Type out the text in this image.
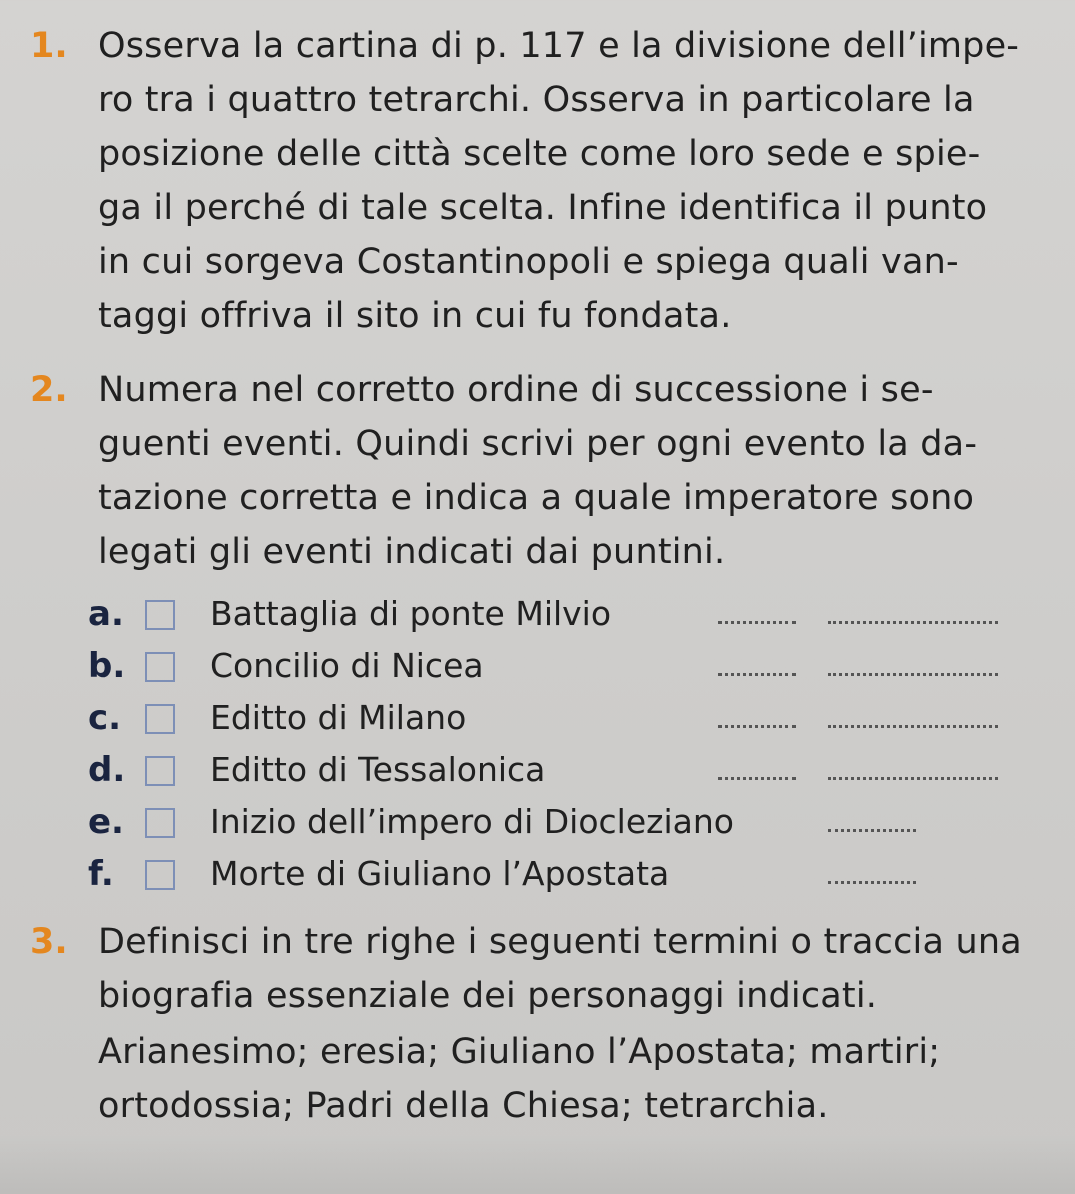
1. Osserva la cartina di p. 117 e la divisione dell’impe-
ro tra i quattro tetrarchi. Osserva in particolare la
posizione delle città scelte come loro sede e spie-
ga il perché di tale scelta. Infine identifica il punto
in cui sorgeva Costantinopoli e spiega quali van-
taggi offriva il sito in cui fu fondata.
2. Numera nel corretto ordine di successione i se-
guenti eventi. Quindi scrivi per ogni evento la da-
tazione corretta e indica a quale imperatore sono
legati gli eventi indicati dai puntini.
a.	Battaglia di ponte Milvio
b.	Concilio di Nicea
c.	Editto di Milano
d.	Editto di Tessalonica
e.	Inizio dell’impero di Diocleziano
f.	Morte di Giuliano l’Apostata
3. Definisci in tre righe i seguenti termini o traccia una
biografia essenziale dei personaggi indicati.
Arianesimo; eresia; Giuliano l’Apostata; martiri;
ortodossia; Padri della Chiesa; tetrarchia.
